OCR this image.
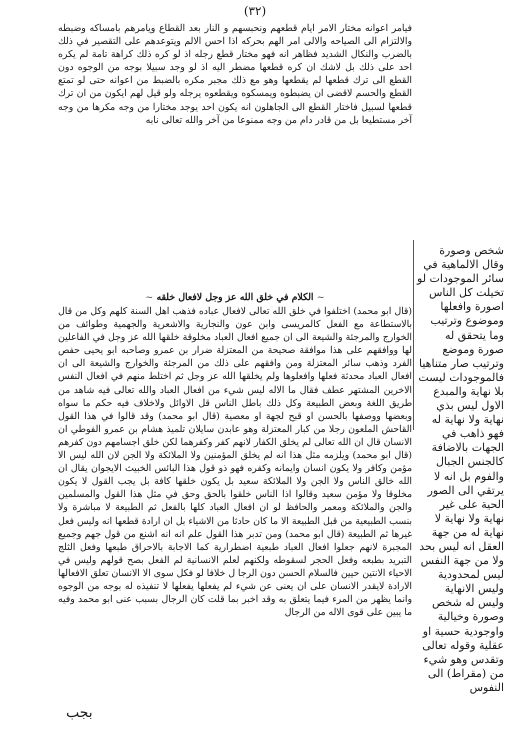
(٣٢)

فيامر اعوانه مختار الامر ايام قطعهم ونحبسهم و النار بعد القطاع ويامرهم بامساكه وضبطه والالتزام الى الصياحه والالى امر الهم بحركه اذا احس الالم ويتوعدهم على التقصير في ذلك بالضرب والنكال الشديد فظاهر انه فهو مختار قطع رجله اذ لو كره ذلك كراهة تامة لم يكره احد على ذلك بل لاشك ان كره قطعها مضطر اليه اذ لو وجد سبيلا بوجه من الوجوه دون القطع الى ترك قطعها لم يقطعها وهو مع ذلك مجبر مكره بالضبط من اعوانه حتى لو تمتع القطع والحسم لاقضى ان يضبطوه ويمسكوه ويقطعوه يرجله ولو قيل لهم ايكون من ان ترك قطعها لسبيل فاختار القطع الى الجاهلون انه يكون احد يوجد مختارا من وجه مكرها من وجه آخر مستطيعا بل من قادر دام من وجه ممنوعا من آخر والله تعالى نابه

~ الكلام في خلق الله عز وجل لافعال خلقه ~

(قال ابو محمد) اختلفوا في خلق الله تعالى لافعال عباده فذهب اهل السنة كلهم وكل من قال بالاستطاعة مع الفعل كالمريسى وابن عون والنجارية والاشعرية والجهمية وطوائف من الخوارج والمرجئة والشيعة الى ان جميع افعال العباد مخلوقة خلقها الله عز وجل في الفاعلين لها ووافقهم على هذا موافقة صحيحة من المعتزلة ضرار بن عمرو وصاحبه ابو يحيى حفص الفرد وذهب سائر المعتزلة ومن وافقهم على ذلك من المرجئة والخوارج والشيعة الى ان افعال العباد محدثة فعلها وافعلوها ولم يخلقها الله عز وجل ثم اختلط منهم في افعال النفس الاخرين المشتهر عطف فقال ما الاله ليس شيء من افعال العباد والله تعالى فيه شاهد من طريق اللغة وبعض الطبيعة وكل ذلك باطل الناس قل الاوائل ولاخلاف فيه حكم ما سواه وبعضها ووصفها بالحسن او قبح لجهة او معصية (قال ابو محمد) وقد قالوا في هذا القول القاحش الملعون رجلا من كبار المعتزلة وهو عابدن سايلان تلميذ هشام بن عمرو الفوطي ان الانسان قال ان الله تعالى لم يخلق الكفار لانهم كفر وكفرهما لكن خلق اجسامهم دون كفرهم (قال ابو محمد) ويلزمه مثل هذا انه لم يخلق المؤمنين ولا الملائكة ولا الجن لان الله ليس الا مؤمن وكافر ولا يكون انسان وايمانه وكفره فهو ذو قول هذا البائس الخبيث الايجوان يقال ان الله خالق الناس ولا الجن ولا الملائكة سعيد بل يكون خلقها كافة بل يجب القول لا يكون مخلوقا ولا مؤمن سعيد وقالوا اذا الناس خلقوا بالحق وحق في مثل هذا القول والمسلمين والجن والملائكة ومعمر والحافظ لو ان افعال العباد كلها بالفعل ثم الطبيعة لا مباشرة ولا بنسب الطبيعية من قبل الطبيعة الا ما كان حادثا من الاشياء بل ان ارادة قطعها انه وليس فعل غيرها ثم الطبيعة (قال ابو محمد) ومن تدبر هذا القول علم انه انه اشنع من قول جهم وجميع المجبرة لانهم جعلوا افعال العباد طبعية اضطرارية كما الاجابة بالاحراق طبعها وفعل الثلج التبريد بطبعه وفعل الحجر لسقوطه ولكنهم لعلم الانسانية لم الفعل بصح قولهم وليس في الاحياء الانتين حيين فالسلام الحسن دون الرجا ل خلافا لو فكل سوى الا الانسان تعلق الافعالها الارادة لايقدر الانسان على ان يعنى عن شيء لم يفعلها يفعلها لا تنفيذه له بوجه من الوجوه وانما يظهر من المرء فيما يتعلق به وقد اخبر بما قلت كان الرجال بسبب عنى ابو محمد وفيه ما يبين على قوى الاله من الرجال

شخص وصورة وقال الالماهية في سائر الموجودات لو تخيلت كل الناس اصورة وافعلها وموضوع وترتيب وما يتحقق له صورة وموضع وترتيب صار متناهيا فالموجودات ليست بلا نهاية والمبدع الاول ليس بذي نهاية ولا نهاية له فهو ذاهب في الجهات بالاضافة كالجنس الجبال والفوم بل انه لا يرتقي الى الصور الحية على غير نهاية ولا نهاية لا نهاية له من جهة العقل انه ليس بحد ولا من جهة النفس ليس لمحدودية وليس الانهاية وليس له شخص وصورة وخيالية واوجودية حسية او عقلية وقوله تعالى وتقدس وهو شيء من (مقراط) الى النفوس

بجب
